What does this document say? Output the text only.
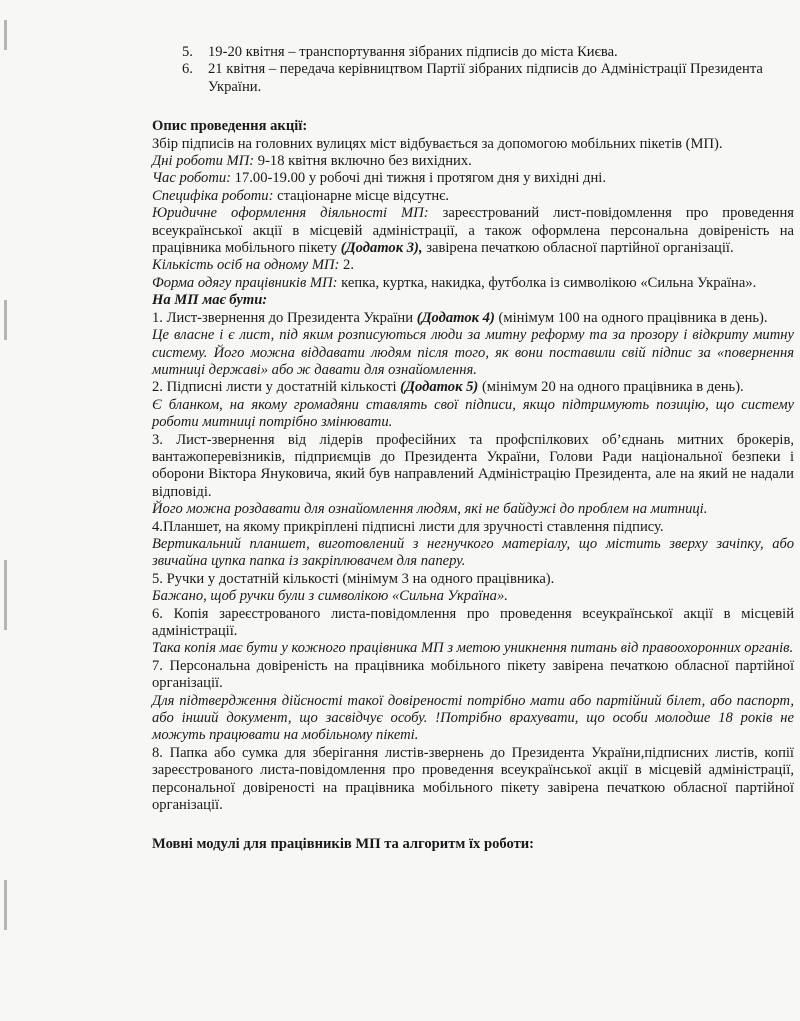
5. 19-20 квітня – транспортування зібраних підписів до міста Києва.
6. 21 квітня – передача керівництвом Партії зібраних підписів до Адміністрації Президента України.
Опис проведення акції:

Збір підписів на головних вулицях міст відбувається за допомогою мобільних пікетів (МП).

Дні роботи МП: 9-18 квітня включно без вихідних.

Час роботи: 17.00-19.00 у робочі дні тижня і протягом дня у вихідні дні.

Специфіка роботи: стаціонарне місце відсутнє.

Юридичне оформлення діяльності МП: зареєстрований лист-повідомлення про проведення всеукраїнської акції в місцевій адміністрації, а також оформлена персональна довіреність на працівника мобільного пікету (Додаток 3), завірена печаткою обласної партійної організації.

Кількість осіб на одному МП: 2.

Форма одягу працівників МП: кепка, куртка, накидка, футболка із символікою «Сильна Україна».

На МП має бути:

1. Лист-звернення до Президента України (Додаток 4) (мінімум 100 на одного працівника в день).

Це власне і є лист, під яким розписуються люди за митну реформу та за прозору і відкриту митну систему. Його можна віддавати людям після того, як вони поставили свій підпис за «повернення митниці державі» або ж давати для ознайомлення.

2. Підписні листи у достатній кількості (Додаток 5) (мінімум 20 на одного працівника в день).

Є бланком, на якому громадяни ставлять свої підписи, якщо підтримують позицію, що систему роботи митниці потрібно змінювати.

3. Лист-звернення від лідерів професійних та профспілкових об’єднань митних брокерів, вантажоперевізників, підприємців до Президента України, Голови Ради національної безпеки і оборони Віктора Януковича, який був направлений Адміністрацію Президента, але на який не надали відповіді.

Його можна роздавати для ознайомлення людям, які не байдужі до проблем на митниці.

4.Планшет, на якому прикріплені підписні листи для зручності ставлення підпису.

Вертикальний планшет, виготовлений з негнучкого матеріалу, що містить зверху зачіпку, або звичайна цупка папка із закріплювачем для паперу.

5. Ручки у достатній кількості (мінімум 3 на одного працівника).

Бажано, щоб ручки були з символікою «Сильна Україна».

6. Копія зареєстрованого листа-повідомлення про проведення всеукраїнської акції в місцевій адміністрації.

Така копія має бути у кожного працівника МП з метою уникнення питань від правоохоронних органів.

7. Персональна довіреність на працівника мобільного пікету завірена печаткою обласної партійної організації.

Для підтвердження дійсності такої довіреності потрібно мати або партійний білет, або паспорт, або інший документ, що засвідчує особу. !Потрібно врахувати, що особи молодше 18 років не можуть працювати на мобільному пікеті.

8. Папка або сумка для зберігання листів-звернень до Президента України,підписних листів, копії зареєстрованого листа-повідомлення про проведення всеукраїнської акції в місцевій адміністрації, персональної довіреності на працівника мобільного пікету завірена печаткою обласної партійної організації.

Мовні модулі для працівників МП та алгоритм їх роботи:
